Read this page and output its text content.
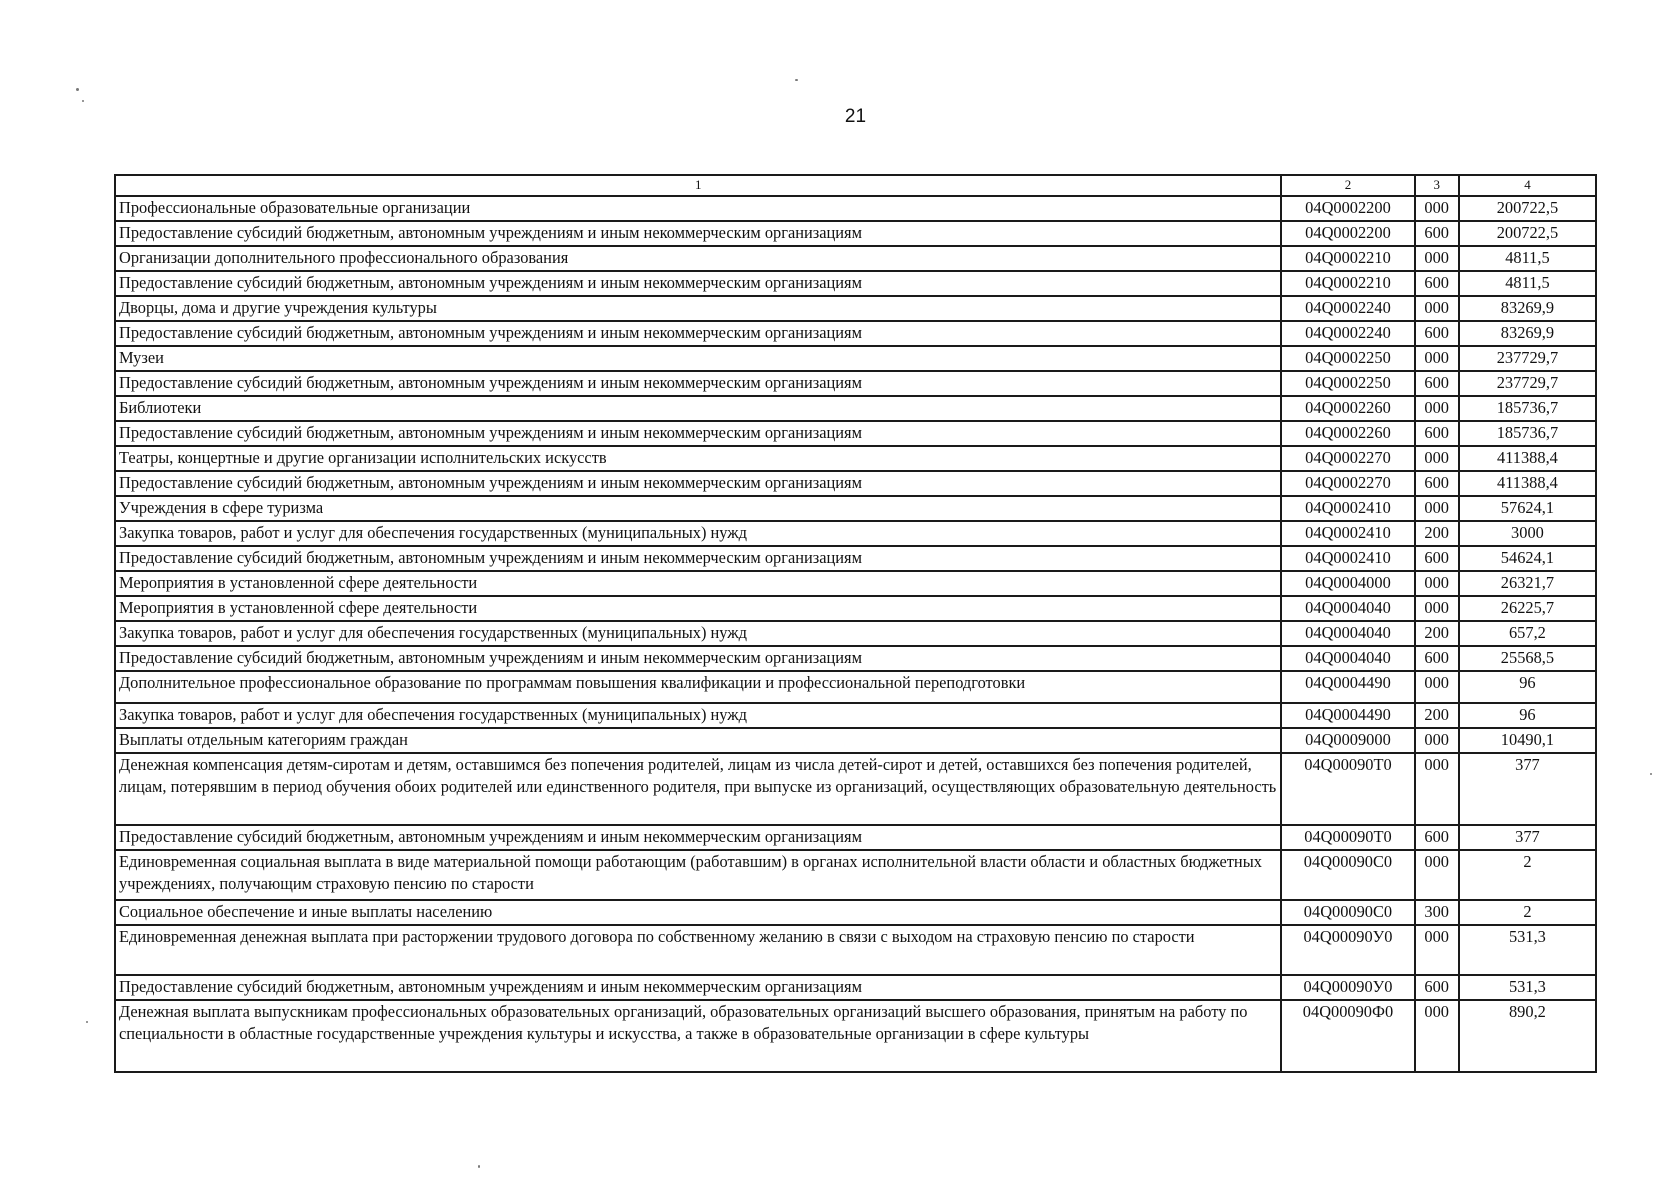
21
1	2	3	4
Профессиональные образовательные организации	04Q0002200	000	200722,5
Предоставление субсидий бюджетным, автономным учреждениям и иным некоммерческим организациям	04Q0002200	600	200722,5
Организации дополнительного профессионального образования	04Q0002210	000	4811,5
Предоставление субсидий бюджетным, автономным учреждениям и иным некоммерческим организациям	04Q0002210	600	4811,5
Дворцы, дома и другие учреждения культуры	04Q0002240	000	83269,9
Предоставление субсидий бюджетным, автономным учреждениям и иным некоммерческим организациям	04Q0002240	600	83269,9
Музеи	04Q0002250	000	237729,7
Предоставление субсидий бюджетным, автономным учреждениям и иным некоммерческим организациям	04Q0002250	600	237729,7
Библиотеки	04Q0002260	000	185736,7
Предоставление субсидий бюджетным, автономным учреждениям и иным некоммерческим организациям	04Q0002260	600	185736,7
Театры, концертные и другие организации исполнительских искусств	04Q0002270	000	411388,4
Предоставление субсидий бюджетным, автономным учреждениям и иным некоммерческим организациям	04Q0002270	600	411388,4
Учреждения в сфере туризма	04Q0002410	000	57624,1
Закупка товаров, работ и услуг для обеспечения государственных (муниципальных) нужд	04Q0002410	200	3000
Предоставление субсидий бюджетным, автономным учреждениям и иным некоммерческим организациям	04Q0002410	600	54624,1
Мероприятия в установленной сфере деятельности	04Q0004000	000	26321,7
Мероприятия в установленной сфере деятельности	04Q0004040	000	26225,7
Закупка товаров, работ и услуг для обеспечения государственных (муниципальных) нужд	04Q0004040	200	657,2
Предоставление субсидий бюджетным, автономным учреждениям и иным некоммерческим организациям	04Q0004040	600	25568,5
Дополнительное профессиональное образование по программам повышения квалификации и профессиональной переподготовки	04Q0004490	000	96
Закупка товаров, работ и услуг для обеспечения государственных (муниципальных) нужд	04Q0004490	200	96
Выплаты отдельным категориям граждан	04Q0009000	000	10490,1
Денежная компенсация детям-сиротам и детям, оставшимся без попечения родителей, лицам из числа детей-сирот и детей, оставшихся без попечения родителей, лицам, потерявшим в период обучения обоих родителей или единственного родителя, при выпуске из организаций, осуществляющих образовательную деятельность	04Q00090Т0	000	377
Предоставление субсидий бюджетным, автономным учреждениям и иным некоммерческим организациям	04Q00090Т0	600	377
Единовременная социальная выплата в виде материальной помощи работающим (работавшим) в органах исполнительной власти области и областных бюджетных учреждениях, получающим страховую пенсию по старости	04Q00090С0	000	2
Социальное обеспечение и иные выплаты населению	04Q00090С0	300	2
Единовременная денежная выплата при расторжении трудового договора по собственному желанию в связи с выходом на страховую пенсию по старости	04Q00090У0	000	531,3
Предоставление субсидий бюджетным, автономным учреждениям и иным некоммерческим организациям	04Q00090У0	600	531,3
Денежная выплата выпускникам профессиональных образовательных организаций, образовательных организаций высшего образования, принятым на работу по специальности в областные государственные учреждения культуры и искусства, а также в образовательные организации в сфере культуры	04Q00090Ф0	000	890,2
